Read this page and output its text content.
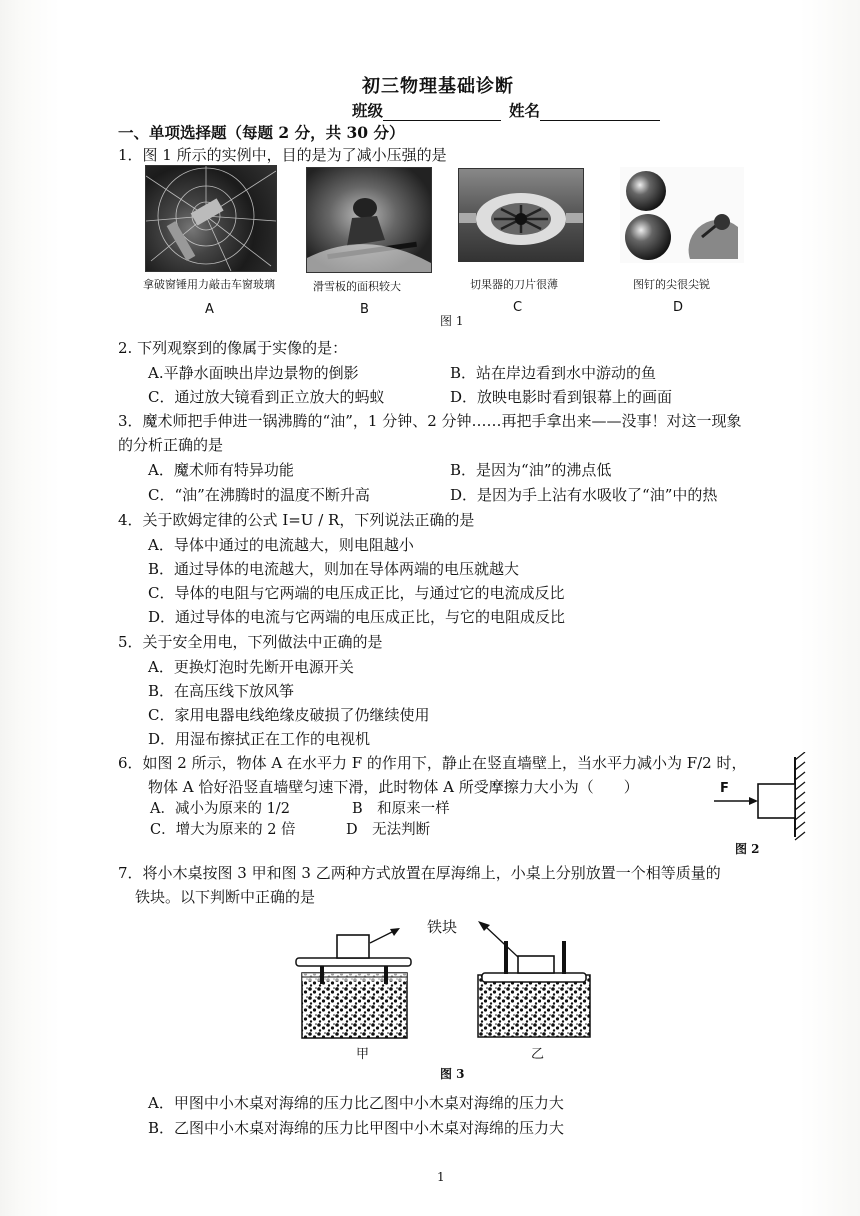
初三物理基础诊断
班级	姓名
一、单项选择题（每题 2 分，共 30 分）
1．图 1 所示的实例中，目的是为了减小压强的是
拿破窗锤用力敲击车窗玻璃
A
滑雪板的面积较大
B
切果器的刀片很薄
C
图钉的尖很尖锐
D
图 1
2. 下列观察到的像属于实像的是：
A.平静水面映出岸边景物的倒影	B．站在岸边看到水中游动的鱼
C．通过放大镜看到正立放大的蚂蚁	D．放映电影时看到银幕上的画面
3．魔术师把手伸进一锅沸腾的“油”，1 分钟、2 分钟……再把手拿出来——没事！对这一现象
的分析正确的是
A．魔术师有特异功能	B．是因为“油”的沸点低
C．“油”在沸腾时的温度不断升高	D．是因为手上沾有水吸收了“油”中的热
4．关于欧姆定律的公式 I=U / R，下列说法正确的是
A．导体中通过的电流越大，则电阻越小
B．通过导体的电流越大，则加在导体两端的电压就越大
C．导体的电阻与它两端的电压成正比，与通过它的电流成反比
D．通过导体的电流与它两端的电压成正比，与它的电阻成反比
5．关于安全用电，下列做法中正确的是
A．更换灯泡时先断开电源开关
B．在高压线下放风筝
C．家用电器电线绝缘皮破损了仍继续使用
D．用湿布擦拭正在工作的电视机
6．如图 2 所示，物体 A 在水平力 F 的作用下，静止在竖直墙壁上，当水平力减小为 F/2 时，
物体 A 恰好沿竖直墙壁匀速下滑，此时物体 A 所受摩擦力大小为（　　）
A．减小为原来的 1/2	B　和原来一样
C．增大为原来的 2 倍	D　无法判断
F
图 2
7．将小木桌按图 3 甲和图 3 乙两种方式放置在厚海绵上，小桌上分别放置一个相等质量的
铁块。以下判断中正确的是
铁块
甲	乙
图 3
A．甲图中小木桌对海绵的压力比乙图中小木桌对海绵的压力大
B．乙图中小木桌对海绵的压力比甲图中小木桌对海绵的压力大
1
